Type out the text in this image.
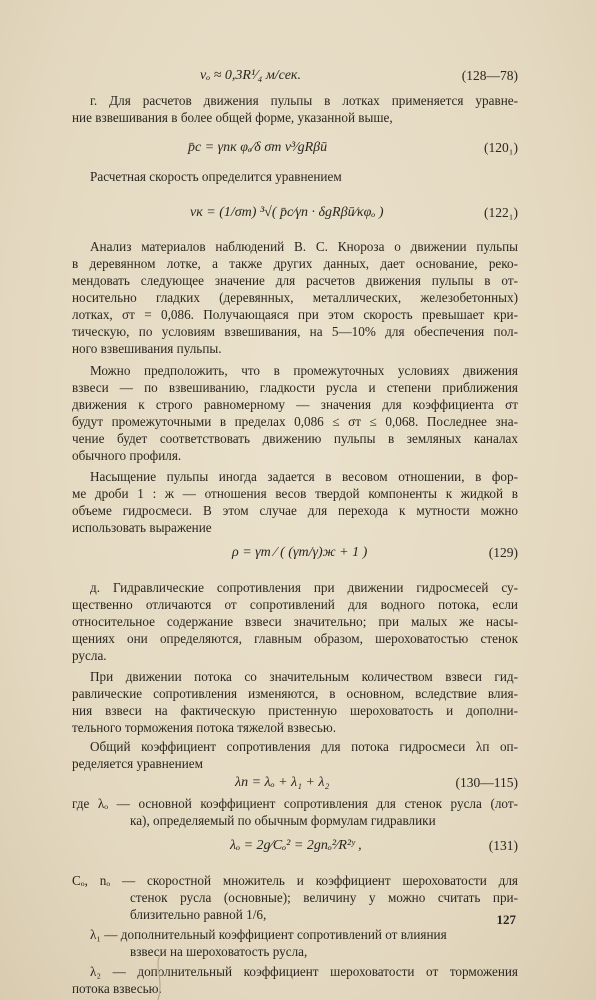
vₒ ≈ 0,3R¹⁄₄ м/сек.	(128—78)
г. Для расчетов движения пульпы в лотках применяется уравне-
ние взвешивания в более общей форме, указанной выше,
p̄c = γпк φₒ⁄δ σт v³⁄gRβū	(120₁)
Расчетная скорость определится уравнением
vк = (1/σт) ³√( p̄c⁄γп · δgRβū⁄κφₒ )	(122₁)
Анализ материалов наблюдений В. С. Кнороза о движении пульпы
в деревянном лотке, а также других данных, дает основание, реко-
мендовать следующее значение для расчетов движения пульпы в от-
носительно гладких (деревянных, металлических, железобетонных)
лотках, σт = 0,086. Получающаяся при этом скорость превышает кри-
тическую, по условиям взвешивания, на 5—10% для обеспечения пол-
ного взвешивания пульпы.
Можно предположить, что в промежуточных условиях движения
взвеси — по взвешиванию, гладкости русла и степени приближения
движения к строго равномерному — значения для коэффициента σт
будут промежуточными в пределах 0,086 ≤ σт ≤ 0,068. Последнее зна-
чение будет соответствовать движению пульпы в земляных каналах
обычного профиля.
Насыщение пульпы иногда задается в весовом отношении, в фор-
ме дроби 1 : ж — отношения весов твердой компоненты к жидкой в
объеме гидросмеси. В этом случае для перехода к мутности можно
использовать выражение
ρ = γт ⁄ ( (γт/γ)ж + 1 )	(129)
д. Гидравлические сопротивления при движении гидросмесей су-
щественно отличаются от сопротивлений для водного потока, если
относительное содержание взвеси значительно; при малых же насы-
щениях они определяются, главным образом, шероховатостью стенок
русла.
При движении потока со значительным количеством взвеси гид-
равлические сопротивления изменяются, в основном, вследствие влия-
ния взвеси на фактическую пристенную шероховатость и дополни-
тельного торможения потока тяжелой взвесью.
Общий коэффициент сопротивления для потока гидросмеси λп оп-
ределяется уравнением
λп = λₒ + λ₁ + λ₂	(130—115)
где λₒ — основной коэффициент сопротивления для стенок русла (лот-
ка), определяемый по обычным формулам гидравлики
λₒ = 2g⁄Cₒ² = 2gnₒ²⁄R²ʸ ,	(131)
Cₒ, nₒ — скоростной множитель и коэффициент шероховатости для
стенок русла (основные); величину y можно считать при-
близительно равной 1/6,
λ₁ — дополнительный коэффициент сопротивлений от влияния
взвеси на шероховатость русла,
λ₂ — дополнительный коэффициент шероховатости от торможения
потока взвесью.
127
